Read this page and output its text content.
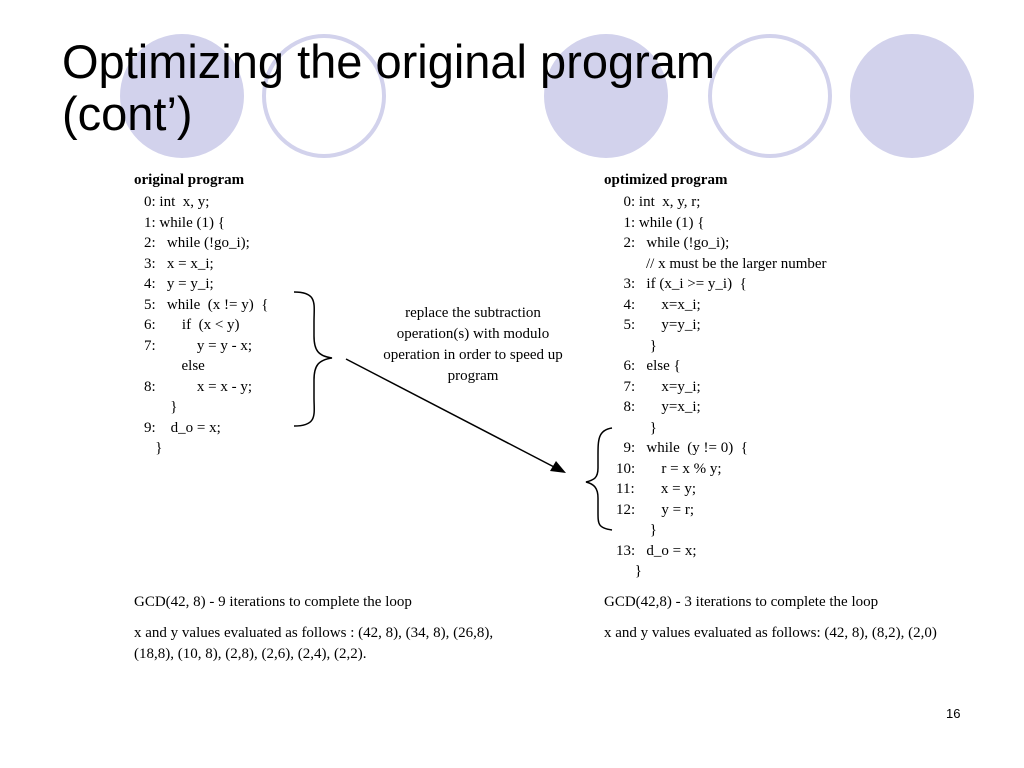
Optimizing the original program
(cont’)
original program
0: int  x, y;
1: while (1) {
2:   while (!go_i);
3:   x = x_i;
4:   y = y_i;
5:   while  (x != y)  {
6:       if  (x < y)
7:           y = y - x;
else
8:           x = x - y;
}
9:    d_o = x;
}
replace the subtraction operation(s) with modulo operation in order to speed up program
optimized program
0: int  x, y, r;
1: while (1) {
2:   while (!go_i);
// x must be the larger number
3:   if (x_i >= y_i)  {
4:       x=x_i;
5:       y=y_i;
}
6:   else {
7:       x=y_i;
8:       y=x_i;
}
9:   while  (y != 0)  {
10:       r = x % y;
11:       x = y;
12:       y = r;
}
13:   d_o = x;
}
GCD(42, 8) - 9 iterations to complete the loop
x and y values evaluated as follows : (42, 8), (34, 8), (26,8), (18,8), (10, 8), (2,8), (2,6), (2,4), (2,2).
GCD(42,8) - 3 iterations to complete the loop
x and y values evaluated as follows: (42, 8), (8,2), (2,0)
16
